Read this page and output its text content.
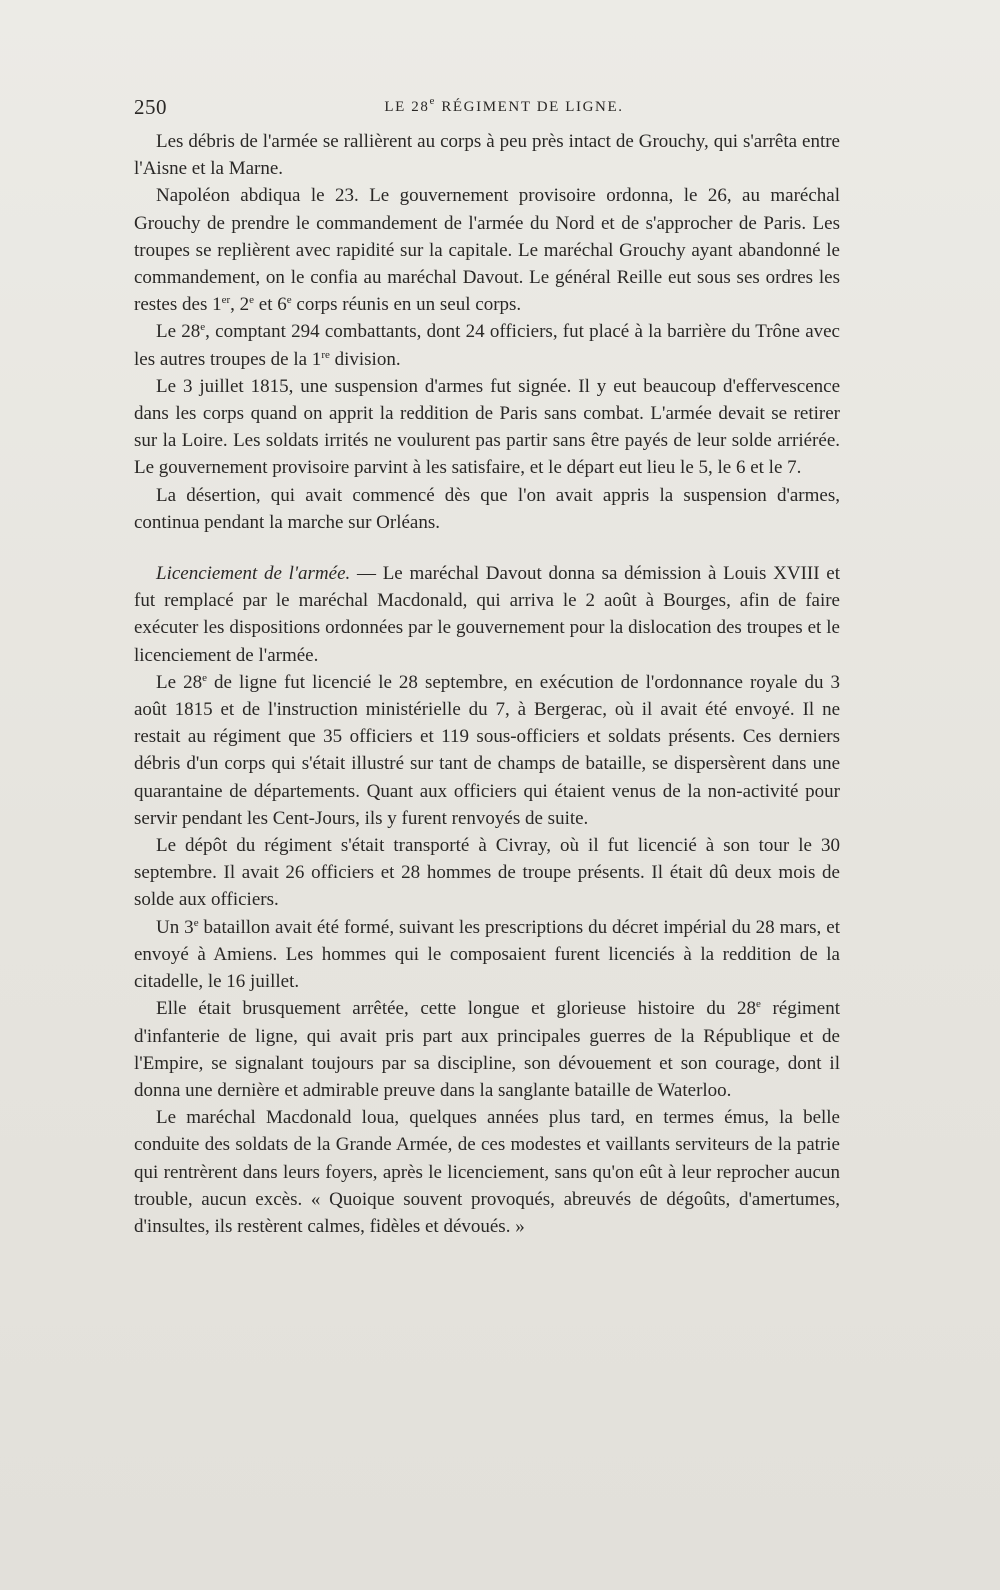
250	LE 28e RÉGIMENT DE LIGNE.

Les débris de l'armée se rallièrent au corps à peu près intact de Grouchy, qui s'arrêta entre l'Aisne et la Marne.

Napoléon abdiqua le 23. Le gouvernement provisoire ordonna, le 26, au maréchal Grouchy de prendre le commandement de l'armée du Nord et de s'approcher de Paris. Les troupes se replièrent avec rapidité sur la capitale. Le maréchal Grouchy ayant abandonné le commandement, on le confia au maréchal Davout. Le général Reille eut sous ses ordres les restes des 1er, 2e et 6e corps réunis en un seul corps.

Le 28e, comptant 294 combattants, dont 24 officiers, fut placé à la barrière du Trône avec les autres troupes de la 1re division.

Le 3 juillet 1815, une suspension d'armes fut signée. Il y eut beaucoup d'effervescence dans les corps quand on apprit la reddition de Paris sans combat. L'armée devait se retirer sur la Loire. Les soldats irrités ne voulurent pas partir sans être payés de leur solde arriérée. Le gouvernement provisoire parvint à les satisfaire, et le départ eut lieu le 5, le 6 et le 7.

La désertion, qui avait commencé dès que l'on avait appris la suspension d'armes, continua pendant la marche sur Orléans.

Licenciement de l'armée. — Le maréchal Davout donna sa démission à Louis XVIII et fut remplacé par le maréchal Macdonald, qui arriva le 2 août à Bourges, afin de faire exécuter les dispositions ordonnées par le gouvernement pour la dislocation des troupes et le licenciement de l'armée.

Le 28e de ligne fut licencié le 28 septembre, en exécution de l'ordonnance royale du 3 août 1815 et de l'instruction ministérielle du 7, à Bergerac, où il avait été envoyé. Il ne restait au régiment que 35 officiers et 119 sous-officiers et soldats présents. Ces derniers débris d'un corps qui s'était illustré sur tant de champs de bataille, se dispersèrent dans une quarantaine de départements. Quant aux officiers qui étaient venus de la non-activité pour servir pendant les Cent-Jours, ils y furent renvoyés de suite.

Le dépôt du régiment s'était transporté à Civray, où il fut licencié à son tour le 30 septembre. Il avait 26 officiers et 28 hommes de troupe présents. Il était dû deux mois de solde aux officiers.

Un 3e bataillon avait été formé, suivant les prescriptions du décret impérial du 28 mars, et envoyé à Amiens. Les hommes qui le composaient furent licenciés à la reddition de la citadelle, le 16 juillet.

Elle était brusquement arrêtée, cette longue et glorieuse histoire du 28e régiment d'infanterie de ligne, qui avait pris part aux principales guerres de la République et de l'Empire, se signalant toujours par sa discipline, son dévouement et son courage, dont il donna une dernière et admirable preuve dans la sanglante bataille de Waterloo.

Le maréchal Macdonald loua, quelques années plus tard, en termes émus, la belle conduite des soldats de la Grande Armée, de ces modestes et vaillants serviteurs de la patrie qui rentrèrent dans leurs foyers, après le licenciement, sans qu'on eût à leur reprocher aucun trouble, aucun excès. « Quoique souvent provoqués, abreuvés de dégoûts, d'amertumes, d'insultes, ils restèrent calmes, fidèles et dévoués. »
